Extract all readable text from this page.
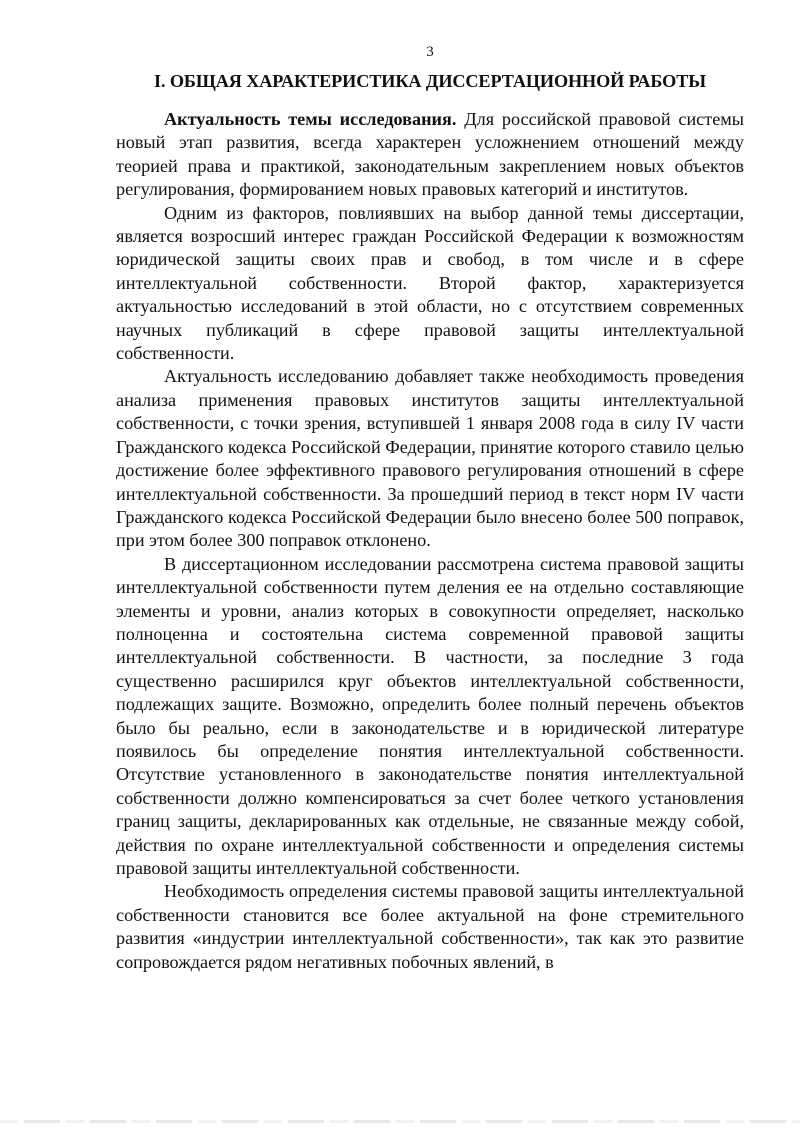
3
I. ОБЩАЯ ХАРАКТЕРИСТИКА ДИССЕРТАЦИОННОЙ РАБОТЫ

Актуальность темы исследования. Для российской правовой системы новый этап развития, всегда характерен усложнением отношений между теорией права и практикой, законодательным закреплением новых объектов регулирования, формированием новых правовых категорий и институтов.

Одним из факторов, повлиявших на выбор данной темы диссертации, является возросший интерес граждан Российской Федерации к возможностям юридической защиты своих прав и свобод, в том числе и в сфере интеллектуальной собственности. Второй фактор, характеризуется актуальностью исследований в этой области, но с отсутствием современных научных публикаций в сфере правовой защиты интеллектуальной собственности.

Актуальность исследованию добавляет также необходимость проведения анализа применения правовых институтов защиты интеллектуальной собственности, с точки зрения, вступившей 1 января 2008 года в силу IV части Гражданского кодекса Российской Федерации, принятие которого ставило целью достижение более эффективного правового регулирования отношений в сфере интеллектуальной собственности. За прошедший период в текст норм IV части Гражданского кодекса Российской Федерации было внесено более 500 поправок, при этом более 300 поправок отклонено.

В диссертационном исследовании рассмотрена система правовой защиты интеллектуальной собственности путем деления ее на отдельно составляющие элементы и уровни, анализ которых в совокупности определяет, насколько полноценна и состоятельна система современной правовой защиты интеллектуальной собственности. В частности, за последние 3 года существенно расширился круг объектов интеллектуальной собственности, подлежащих защите. Возможно, определить более полный перечень объектов было бы реально, если в законодательстве и в юридической литературе появилось бы определение понятия интеллектуальной собственности. Отсутствие установленного в законодательстве понятия интеллектуальной собственности должно компенсироваться за счет более четкого установления границ защиты, декларированных как отдельные, не связанные между собой, действия по охране интеллектуальной собственности и определения системы правовой защиты интеллектуальной собственности.

Необходимость определения системы правовой защиты интеллектуальной собственности становится все более актуальной на фоне стремительного развития «индустрии интеллектуальной собственности», так как это развитие сопровождается рядом негативных побочных явлений, в
